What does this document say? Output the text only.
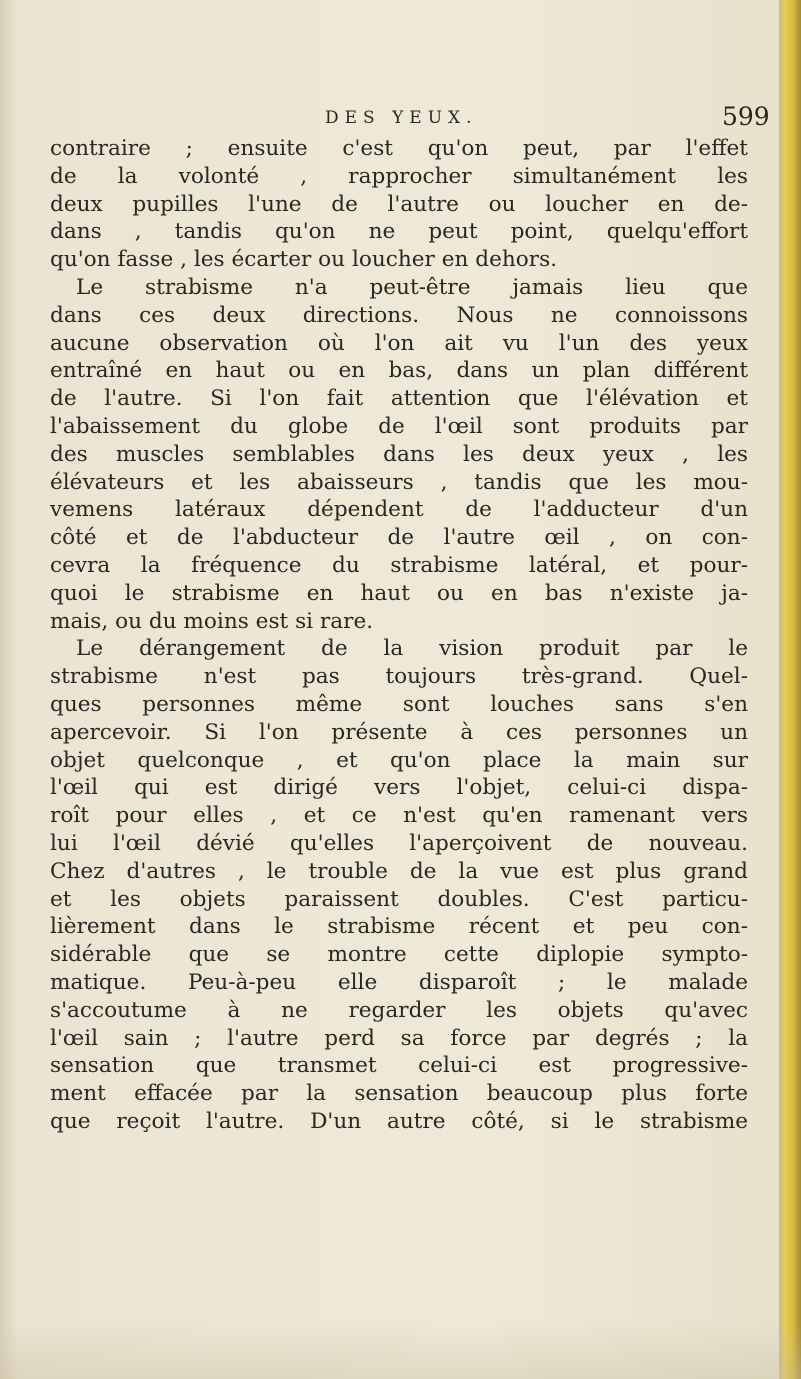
DES YEUX.	599
contraire ; ensuite c'est qu'on peut, par l'effet
de la volonté , rapprocher simultanément les
deux pupilles l'une de l'autre ou loucher en de-
dans , tandis qu'on ne peut point, quelqu'effort
qu'on fasse , les écarter ou loucher en dehors.
Le strabisme n'a peut-être jamais lieu que
dans ces deux directions. Nous ne connoissons
aucune observation où l'on ait vu l'un des yeux
entraîné en haut ou en bas, dans un plan différent
de l'autre. Si l'on fait attention que l'élévation et
l'abaissement du globe de l'œil sont produits par
des muscles semblables dans les deux yeux , les
élévateurs et les abaisseurs , tandis que les mou-
vemens latéraux dépendent de l'adducteur d'un
côté et de l'abducteur de l'autre œil , on con-
cevra la fréquence du strabisme latéral, et pour-
quoi le strabisme en haut ou en bas n'existe ja-
mais, ou du moins est si rare.
Le dérangement de la vision produit par le
strabisme n'est pas toujours très-grand. Quel-
ques personnes même sont louches sans s'en
apercevoir. Si l'on présente à ces personnes un
objet quelconque , et qu'on place la main sur
l'œil qui est dirigé vers l'objet, celui-ci dispa-
roît pour elles , et ce n'est qu'en ramenant vers
lui l'œil dévié qu'elles l'aperçoivent de nouveau.
Chez d'autres , le trouble de la vue est plus grand
et les objets paraissent doubles. C'est particu-
lièrement dans le strabisme récent et peu con-
sidérable que se montre cette diplopie sympto-
matique. Peu-à-peu elle disparoît ; le malade
s'accoutume à ne regarder les objets qu'avec
l'œil sain ; l'autre perd sa force par degrés ; la
sensation que transmet celui-ci est progressive-
ment effacée par la sensation beaucoup plus forte
que reçoit l'autre. D'un autre côté, si le strabisme
